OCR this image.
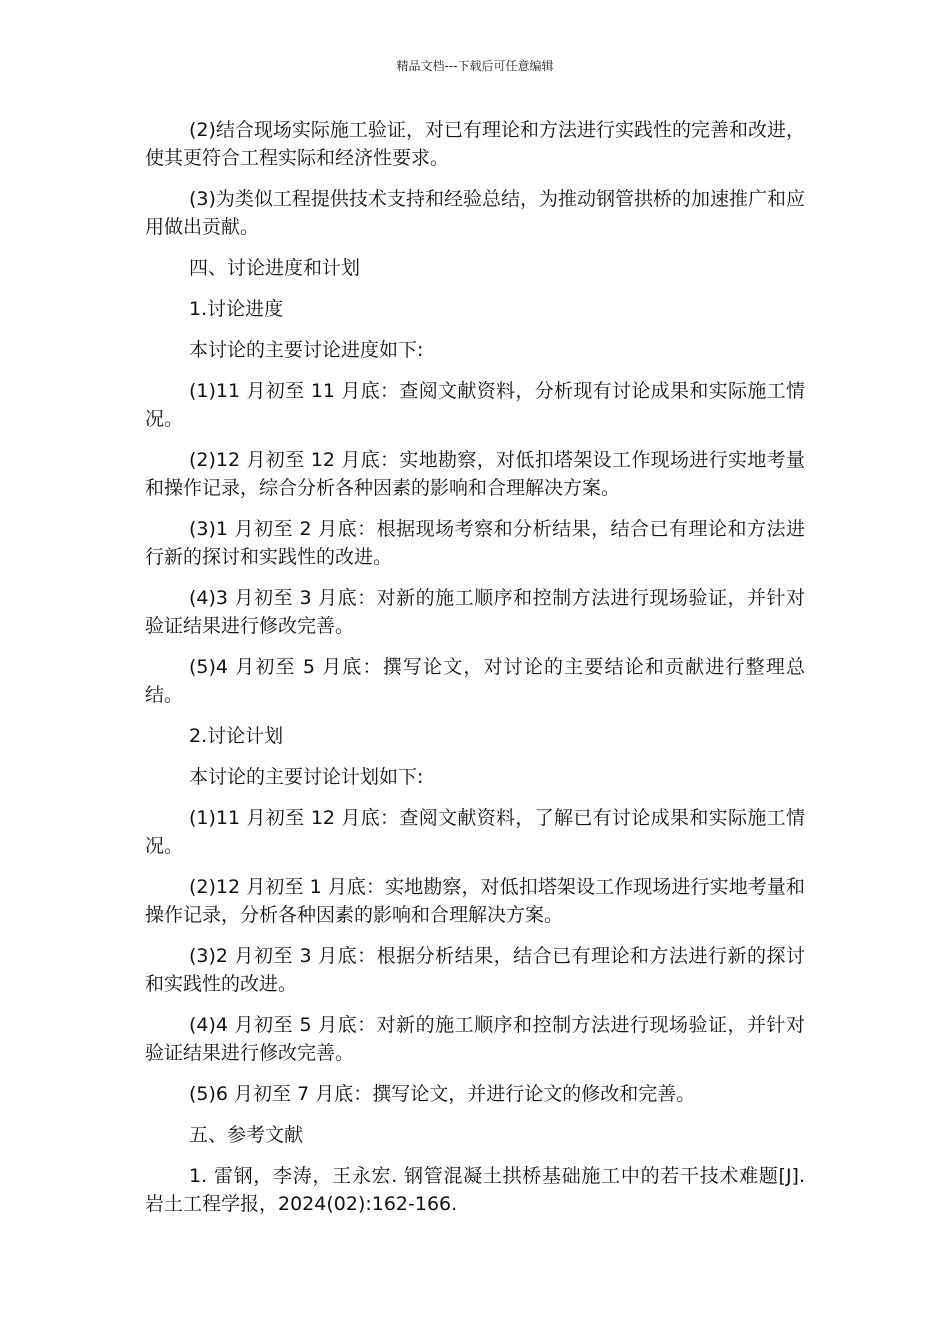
精品文档---下载后可任意编辑

(2)结合现场实际施工验证，对已有理论和方法进行实践性的完善和改进，使其更符合工程实际和经济性要求。

(3)为类似工程提供技术支持和经验总结，为推动钢管拱桥的加速推广和应用做出贡献。

四、讨论进度和计划

1.讨论进度

本讨论的主要讨论进度如下:

(1)11 月初至 11 月底：查阅文献资料，分析现有讨论成果和实际施工情况。

(2)12 月初至 12 月底：实地勘察，对低扣塔架设工作现场进行实地考量和操作记录，综合分析各种因素的影响和合理解决方案。

(3)1 月初至 2 月底：根据现场考察和分析结果，结合已有理论和方法进行新的探讨和实践性的改进。

(4)3 月初至 3 月底：对新的施工顺序和控制方法进行现场验证，并针对验证结果进行修改完善。

(5)4 月初至 5 月底：撰写论文，对讨论的主要结论和贡献进行整理总结。

2.讨论计划

本讨论的主要讨论计划如下:

(1)11 月初至 12 月底：查阅文献资料，了解已有讨论成果和实际施工情况。

(2)12 月初至 1 月底：实地勘察，对低扣塔架设工作现场进行实地考量和操作记录，分析各种因素的影响和合理解决方案。

(3)2 月初至 3 月底：根据分析结果，结合已有理论和方法进行新的探讨和实践性的改进。

(4)4 月初至 5 月底：对新的施工顺序和控制方法进行现场验证，并针对验证结果进行修改完善。

(5)6 月初至 7 月底：撰写论文，并进行论文的修改和完善。

五、参考文献

1. 雷钢，李涛，王永宏. 钢管混凝土拱桥基础施工中的若干技术难题[J]. 岩土工程学报，2024(02):162-166.
